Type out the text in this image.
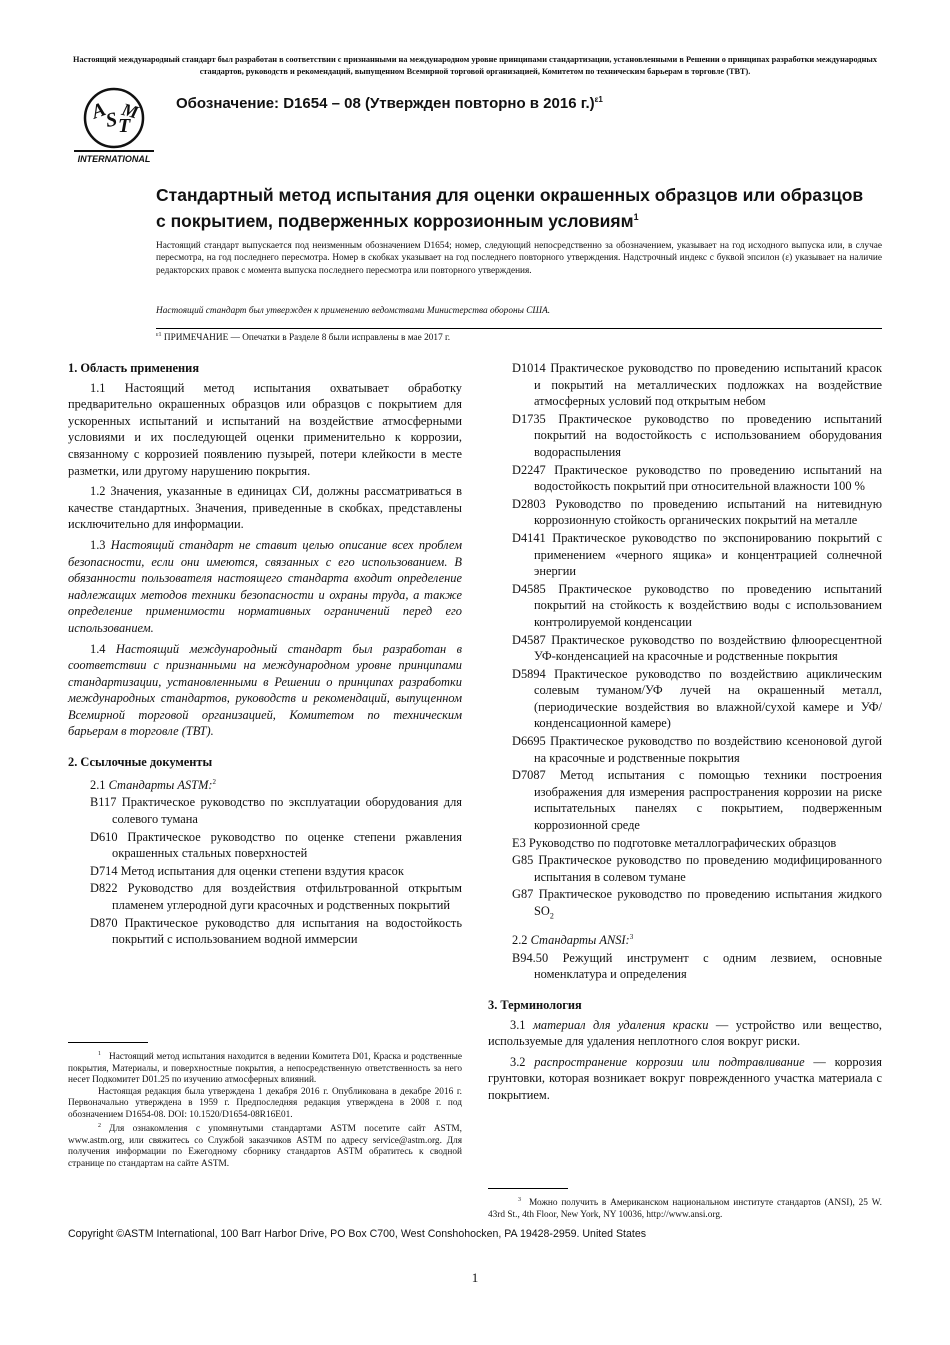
Настоящий международный стандарт был разработан в соответствии с признанными на международном уровне принципами стандартизации, установленными в Решении о принципах разработки международных стандартов, руководств и рекомендаций, выпущенном Всемирной торговой организацией, Комитетом по техническим барьерам в торговле (ТВТ).
A
S T
M
INTERNATIONAL
Обозначение: D1654 – 08 (Утвержден повторно в 2016 г.)$^{\varepsilon 1}$
Стандартный метод испытания для оценки окрашенных образцов или образцов с покрытием, подверженных коррозионным условиям$^1$
Настоящий стандарт выпускается под неизменным обозначением D1654; номер, следующий непосредственно за обозначением, указывает на год исходного выпуска или, в случае пересмотра, на год последнего пересмотра. Номер в скобках указывает на год последнего повторного утверждения. Надстрочный индекс с буквой эпсилон (ε) указывает на наличие редакторских правок с момента выпуска последнего пересмотра или повторного утверждения.
Настоящий стандарт был утвержден к применению ведомствами Министерства обороны США.
$^{\varepsilon 1}$ ПРИМЕЧАНИЕ — Опечатки в Разделе 8 были исправлены в мае 2017 г.
1. Область применения

1.1 Настоящий метод испытания охватывает обработку предварительно окрашенных образцов или образцов с покрытием для ускоренных испытаний и испытаний на воздействие атмосферными условиями и их последующей оценки применительно к коррозии, связанному с коррозией появлению пузырей, потери клейкости в месте разметки, или другому нарушению покрытия.

1.2 Значения, указанные в единицах СИ, должны рассматриваться в качестве стандартных. Значения, приведенные в скобках, представлены исключительно для информации.

1.3 Настоящий стандарт не ставит целью описание всех проблем безопасности, если они имеются, связанных с его использованием. В обязанности пользователя настоящего стандарта входит определение надлежащих методов техники безопасности и охраны труда, а также определение применимости нормативных ограничений перед его использованием.

1.4 Настоящий международный стандарт был разработан в соответствии с признанными на международном уровне принципами стандартизации, установленными в Решении о принципах разработки международных стандартов, руководств и рекомендаций, выпущенном Всемирной торговой организацией, Комитетом по техническим барьерам в торговле (ТВТ).

2. Ссылочные документы
2.1 Стандарты ASTM:$^2$
B117 Практическое руководство по эксплуатации оборудования для солевого тумана
D610 Практическое руководство по оценке степени ржавления окрашенных стальных поверхностей
D714 Метод испытания для оценки степени вздутия красок
D822 Руководство для воздействия отфильтрованной открытым пламенем углеродной дуги красочных и родственных покрытий
D870 Практическое руководство для испытания на водостойкость покрытий с использованием водной иммерсии
D1014 Практическое руководство по проведению испытаний красок и покрытий на металлических подложках на воздействие атмосферных условий под открытым небом
D1735 Практическое руководство по проведению испытаний покрытий на водостойкость с использованием оборудования водораспыления
D2247 Практическое руководство по проведению испытаний на водостойкость покрытий при относительной влажности 100 %
D2803 Руководство по проведению испытаний на нитевидную коррозионную стойкость органических покрытий на металле
D4141 Практическое руководство по экспонированию покрытий с применением «черного ящика» и концентрацией солнечной энергии
D4585 Практическое руководство по проведению испытаний покрытий на стойкость к воздействию воды с использованием контролируемой конденсации
D4587 Практическое руководство по воздействию флюоресцентной УФ-конденсацией на красочные и родственные покрытия
D5894 Практическое руководство по воздействию ациклическим солевым туманом/УФ лучей на окрашенный металл, (периодические воздействия во влажной/сухой камере и УФ/конденсационной камере)
D6695 Практическое руководство по воздействию ксеноновой дугой на красочные и родственные покрытия
D7087 Метод испытания с помощью техники построения изображения для измерения распространения коррозии на риске испытательных панелях с покрытием, подверженным коррозионной среде
E3 Руководство по подготовке металлографических образцов
G85 Практическое руководство по проведению модифицированного испытания в солевом тумане
G87 Практическое руководство по проведению испытания жидкого $SO_2$
2.2 Стандарты ANSI:$^3$
B94.50 Режущий инструмент с одним лезвием, основные номенклатура и определения
3. Терминология

3.1 материал для удаления краски — устройство или вещество, используемые для удаления неплотного слоя вокруг риски.

3.2 распространение коррозии или подтравливание — коррозия грунтовки, которая возникает вокруг поврежденного участка материала с покрытием.

$^1$ Настоящий метод испытания находится в ведении Комитета D01, Краска и родственные покрытия, Материалы, и поверхностные покрытия, а непосредственную ответственность за него несет Подкомитет D01.25 по изучению атмосферных влияний.

Настоящая редакция была утверждена 1 декабря 2016 г. Опубликована в декабре 2016 г. Первоначально утверждена в 1959 г. Предпоследняя редакция утверждена в 2008 г. под обозначением D1654-08. DOI: 10.1520/D1654-08R16E01.

$^2$ Для ознакомления с упомянутыми стандартами ASTM посетите сайт ASTM, www.astm.org, или свяжитесь со Службой заказчиков ASTM по адресу service@astm.org. Для получения информации по Ежегодному сборнику стандартов ASTM обратитесь к сводной странице по стандартам на сайте ASTM.

$^3$ Можно получить в Американском национальном институте стандартов (ANSI), 25 W. 43rd St., 4th Floor, New York, NY 10036, http://www.ansi.org.

Copyright ©ASTM International, 100 Barr Harbor Drive, PO Box C700, West Conshohocken, PA 19428-2959. United States
1
